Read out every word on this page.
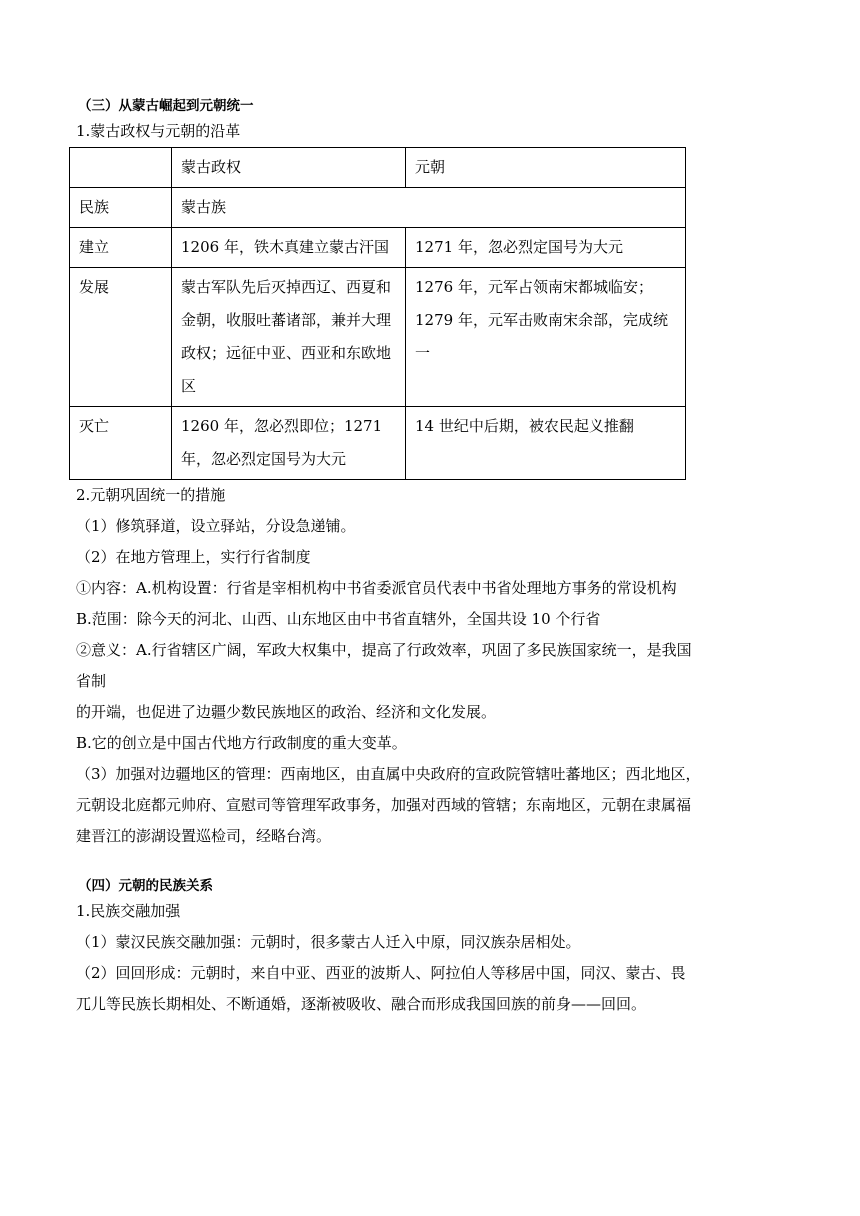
（三）从蒙古崛起到元朝统一

1.蒙古政权与元朝的沿革

	蒙古政权	元朝
民族	蒙古族	
建立	1206 年，铁木真建立蒙古汗国	1271 年，忽必烈定国号为大元
发展	蒙古军队先后灭掉西辽、西夏和金朝，收服吐蕃诸部，兼并大理政权；远征中亚、西亚和东欧地区	1276 年，元军占领南宋都城临安；1279 年，元军击败南宋余部，完成统一
灭亡	1260 年，忽必烈即位；1271 年，忽必烈定国号为大元	14 世纪中后期，被农民起义推翻

2.元朝巩固统一的措施

（1）修筑驿道，设立驿站，分设急递铺。

（2）在地方管理上，实行行省制度

①内容：A.机构设置：行省是宰相机构中书省委派官员代表中书省处理地方事务的常设机构

B.范围：除今天的河北、山西、山东地区由中书省直辖外，全国共设 10 个行省

②意义：A.行省辖区广阔，军政大权集中，提高了行政效率，巩固了多民族国家统一，是我国

省制

的开端，也促进了边疆少数民族地区的政治、经济和文化发展。

B.它的创立是中国古代地方行政制度的重大变革。

（3）加强对边疆地区的管理：西南地区，由直属中央政府的宣政院管辖吐蕃地区；西北地区，

元朝设北庭都元帅府、宣慰司等管理军政事务，加强对西域的管辖；东南地区，元朝在隶属福

建晋江的澎湖设置巡检司，经略台湾。

（四）元朝的民族关系

1.民族交融加强

（1）蒙汉民族交融加强：元朝时，很多蒙古人迁入中原，同汉族杂居相处。

（2）回回形成：元朝时，来自中亚、西亚的波斯人、阿拉伯人等移居中国，同汉、蒙古、畏

兀儿等民族长期相处、不断通婚，逐渐被吸收、融合而形成我国回族的前身——回回。
